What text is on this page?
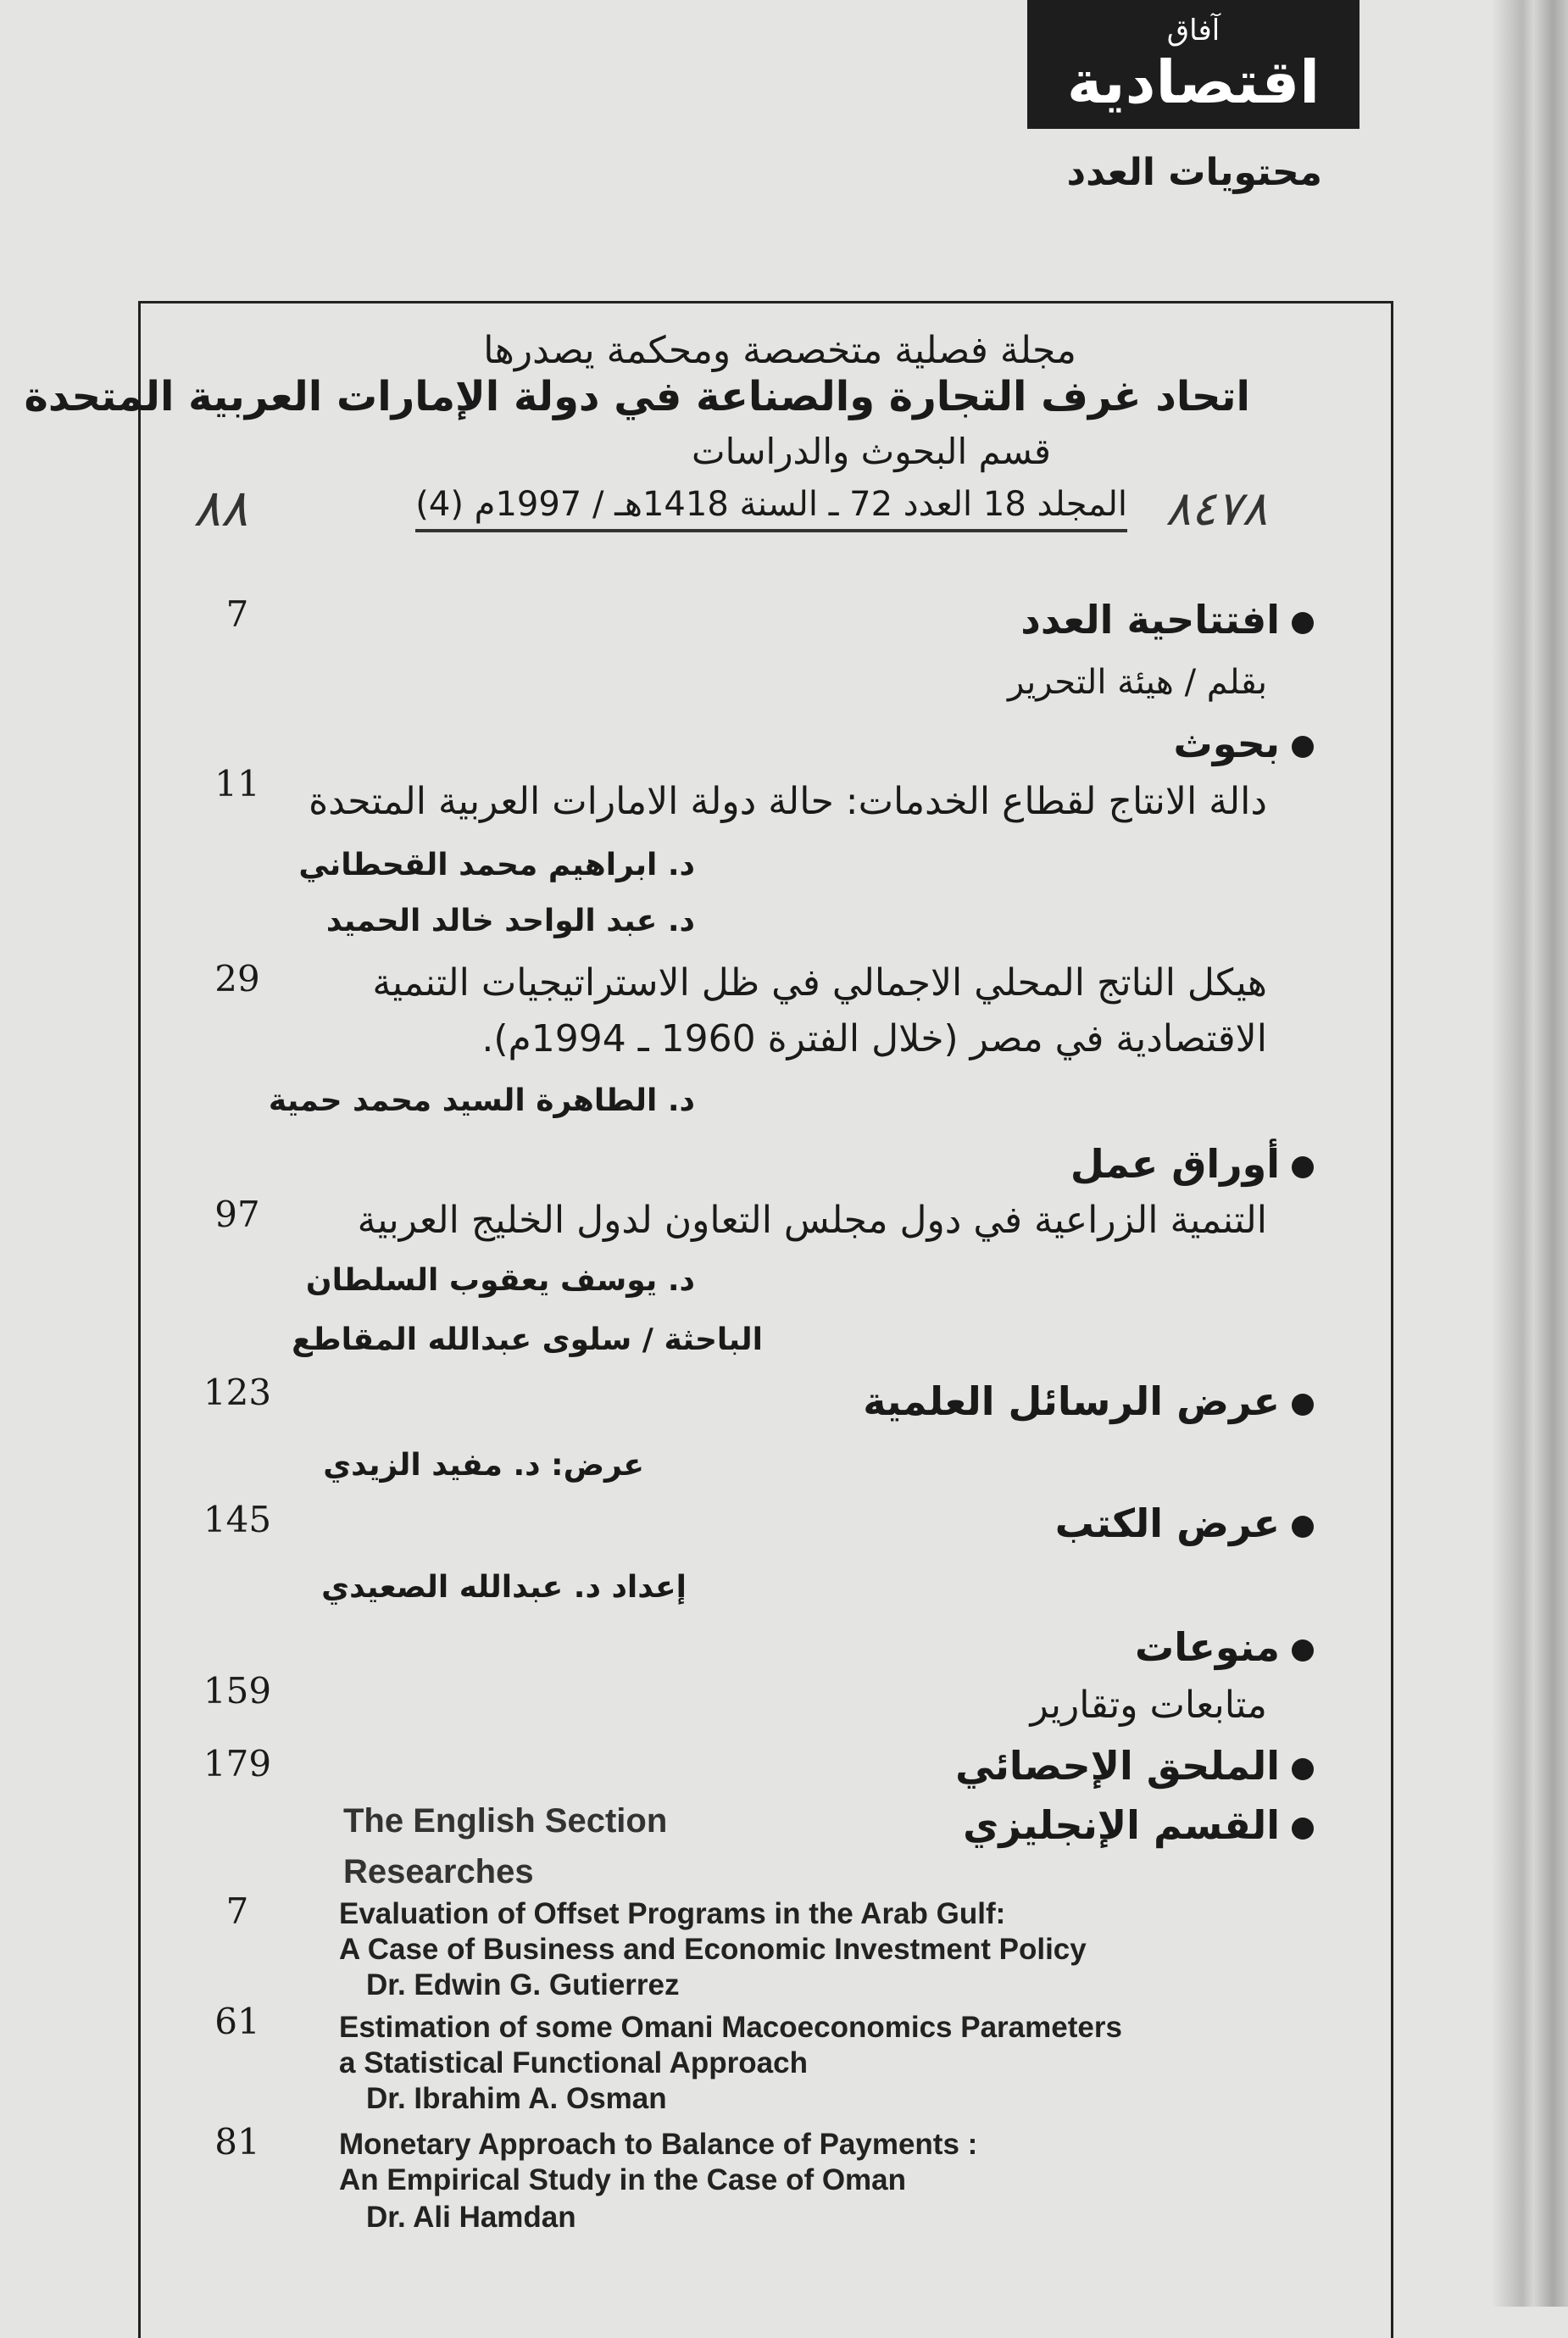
آفاق
اقتصادية
محتويات العدد
مجلة فصلية متخصصة ومحكمة يصدرها
اتحاد غرف التجارة والصناعة في دولة الإمارات العربية المتحدة
قسم البحوث والدراسات
المجلد 18 العدد 72 ـ السنة 1418هـ / 1997م (4)
٨٨	٨٤٧٨
7	افتتاحية العدد
بقلم / هيئة التحرير
بحوث
11	دالة الانتاج لقطاع الخدمات: حالة دولة الامارات العربية المتحدة
د. ابراهيم محمد القحطاني
د. عبد الواحد خالد الحميد
29	هيكل الناتج المحلي الاجمالي في ظل الاستراتيجيات التنمية
الاقتصادية في مصر (خلال الفترة 1960 ـ 1994م).
د. الطاهرة السيد محمد حمية
أوراق عمل
97	التنمية الزراعية في دول مجلس التعاون لدول الخليج العربية
د. يوسف يعقوب السلطان
الباحثة / سلوى عبدالله المقاطع
123	عرض الرسائل العلمية
عرض: د. مفيد الزيدي
145	عرض الكتب
إعداد د. عبدالله الصعيدي
منوعات
159	متابعات وتقارير
179	الملحق الإحصائي
The English Section	القسم الإنجليزي
Researches
7	Evaluation of Offset Programs in the Arab Gulf:
A Case of Business and Economic Investment Policy
Dr. Edwin G. Gutierrez
61	Estimation of some Omani Macoeconomics Parameters
a Statistical Functional Approach
Dr. Ibrahim A. Osman
81	Monetary Approach to Balance of Payments :
An Empirical Study in the Case of Oman
Dr. Ali Hamdan
